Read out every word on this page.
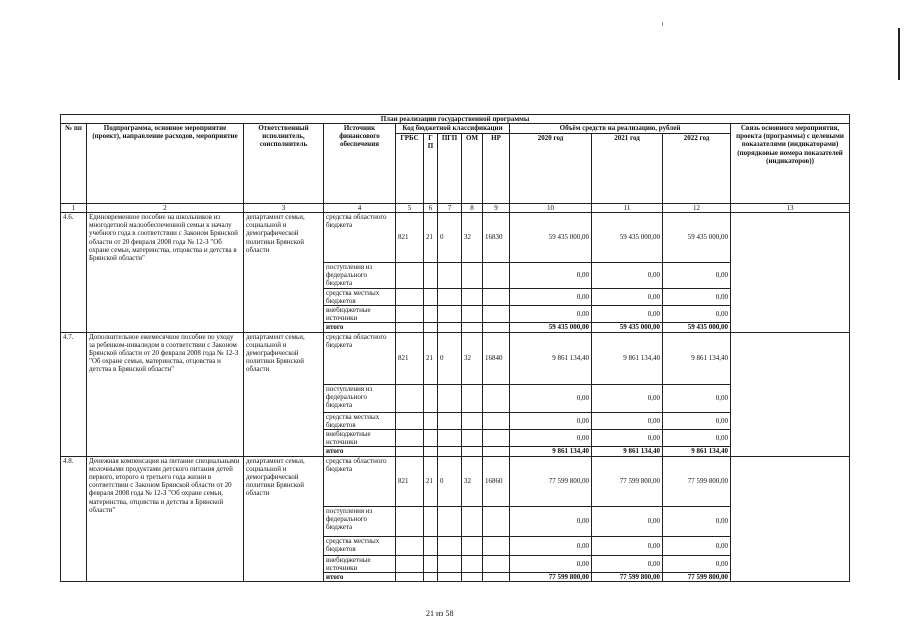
План реализации государственной программы												
№ пп	Подпрограмма, основное мероприятие (проект), направление расходов, мероприятие	Ответственный исполнитель, соисполнитель	Источник финансового обеспечения	Код бюджетной классификации					Объём средств на реализацию, рублей			Связь основного мероприятия, проекта (программы) с целевыми показателями (индикаторами) (порядковые номера показателей (индикаторов))
				ГРБС	ГП	ПГП	ОМ	НР	2020 год	2021 год	2022 год	
1	2	3	4	5	6	7	8	9	10	11	12	13
4.6.	Единовременное пособие на школьников из многодетной малообеспеченной семьи к началу учебного года в соответствии с Законом Брянской области от 20 февраля 2008 года № 12-З "Об охране семьи, материнства, отцовства и детства в Брянской области"	департамент семьи, социальной и демографической политики Брянской области	средства областного бюджета	821	21	0	32	16830	59 435 000,00	59 435 000,00	59 435 000,00	
			поступления из федерального бюджета						0,00	0,00	0,00	
			средства местных бюджетов						0,00	0,00	0,00	
			внебюджетные источники						0,00	0,00	0,00	
			итого						59 435 000,00	59 435 000,00	59 435 000,00	
4.7.	Дополнительное ежемесячное пособие по уходу за ребенком-инвалидом в соответствии с Законом Брянской области от 20 февраля 2008 года № 12-З "Об охране семьи, материнства, отцовства и детства в Брянской области"	департамент семьи, социальной и демографической политики Брянской области	средства областного бюджета	821	21	0	32	16840	9 861 134,40	9 861 134,40	9 861 134,40	
			поступления из федерального бюджета						0,00	0,00	0,00	
			средства местных бюджетов						0,00	0,00	0,00	
			внебюджетные источники						0,00	0,00	0,00	
			итого						9 861 134,40	9 861 134,40	9 861 134,40	
4.8.	Денежная компенсация на питание специальными молочными продуктами детского питания детей первого, второго и третьего года жизни в соответствии с Законом Брянской области от 20 февраля 2008 года № 12-З "Об охране семьи, материнства, отцовства и детства в Брянской области"	департамент семьи, социальной и демографической политики Брянской области	средства областного бюджета	821	21	0	32	16860	77 599 800,00	77 599 800,00	77 599 800,00	
			поступления из федерального бюджета						0,00	0,00	0,00	
			средства местных бюджетов						0,00	0,00	0,00	
			внебюджетные источники						0,00	0,00	0,00	
			итого						77 599 800,00	77 599 800,00	77 599 800,00	
21 из 58
